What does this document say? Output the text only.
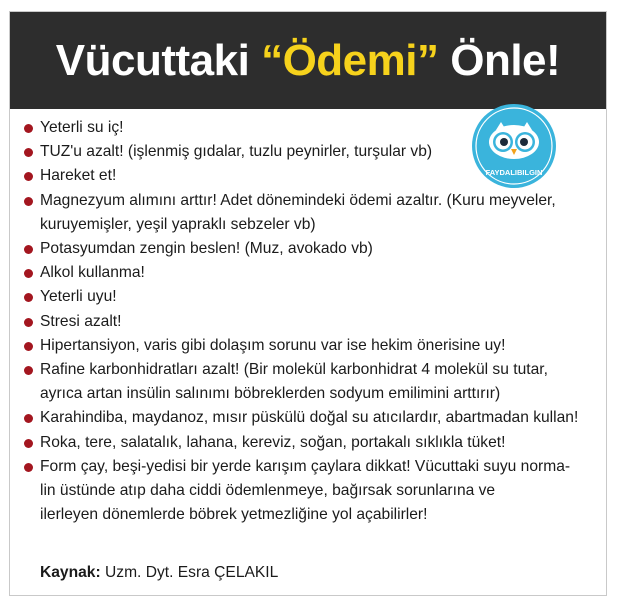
Vücuttaki “Ödemi” Önle!
FAYDALIBILGIN
Yeterli su iç!
TUZ'u azalt! (işlenmiş gıdalar, tuzlu peynirler, turşular vb)
Hareket et!
Magnezyum alımını arttır! Adet dönemindeki ödemi azaltır. (Kuru meyveler,
kuruyemişler, yeşil yapraklı sebzeler vb)
Potasyumdan zengin beslen! (Muz, avokado vb)
Alkol kullanma!
Yeterli uyu!
Stresi azalt!
Hipertansiyon, varis gibi dolaşım sorunu var ise hekim önerisine uy!
Rafine karbonhidratları azalt! (Bir molekül karbonhidrat 4 molekül su tutar,
ayrıca artan insülin salınımı böbreklerden sodyum emilimini arttırır)
Karahindiba, maydanoz, mısır püskülü doğal su atıcılardır, abartmadan kullan!
Roka, tere, salatalık, lahana, kereviz, soğan, portakalı sıklıkla tüket!
Form çay, beşi-yedisi bir yerde karışım çaylara dikkat! Vücuttaki suyu norma-
lin üstünde atıp daha ciddi ödemlenmeye, bağırsak sorunlarına ve
ilerleyen dönemlerde böbrek yetmezliğine yol açabilirler!
Kaynak: Uzm. Dyt. Esra ÇELAKIL
